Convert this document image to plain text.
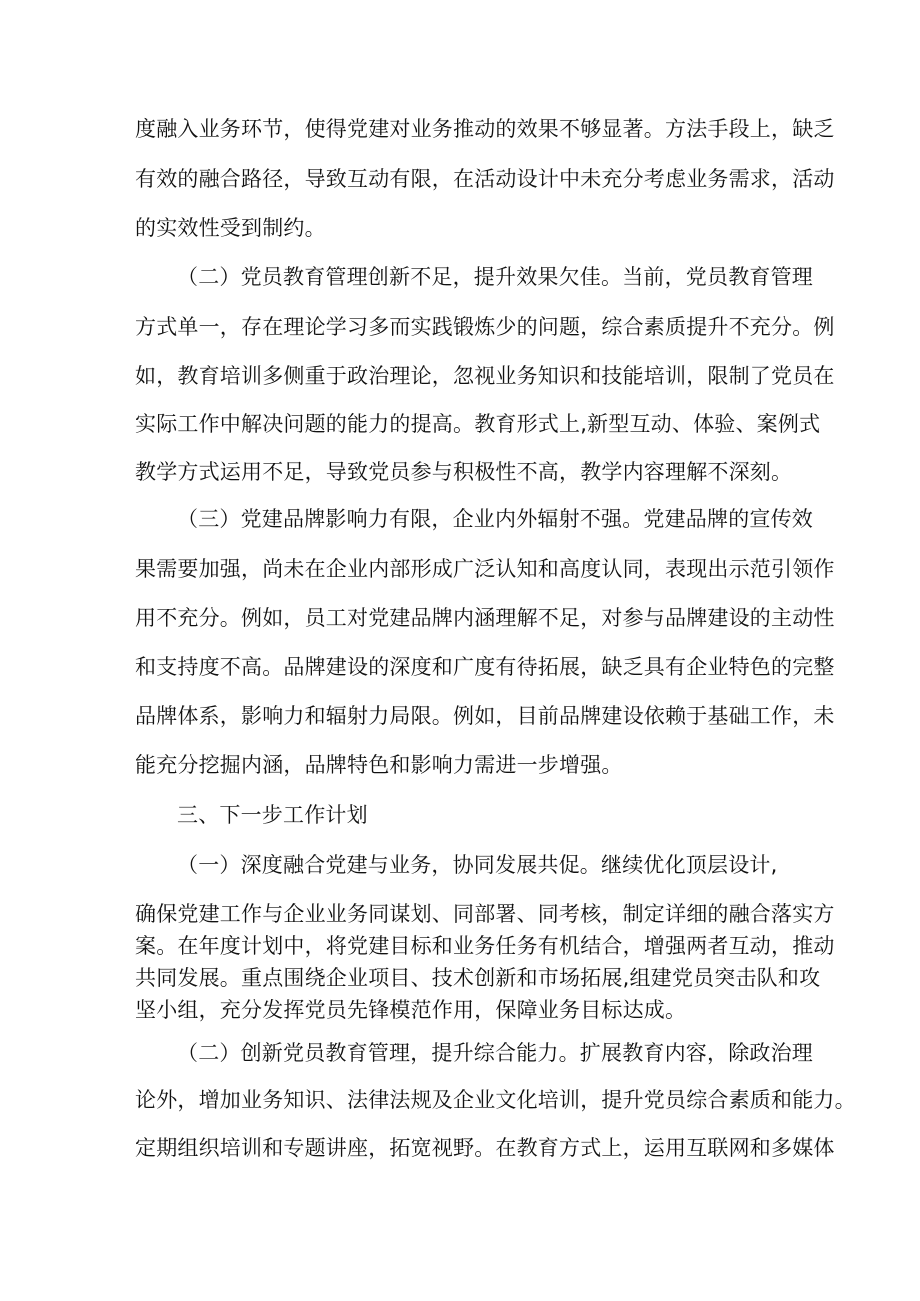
度融入业务环节，使得党建对业务推动的效果不够显著。方法手段上，缺乏
有效的融合路径，导致互动有限，在活动设计中未充分考虑业务需求，活动
的实效性受到制约。
（二）党员教育管理创新不足，提升效果欠佳。当前，党员教育管理
方式单一，存在理论学习多而实践锻炼少的问题，综合素质提升不充分。例
如，教育培训多侧重于政治理论，忽视业务知识和技能培训，限制了党员在
实际工作中解决问题的能力的提高。教育形式上,新型互动、体验、案例式
教学方式运用不足，导致党员参与积极性不高，教学内容理解不深刻。
（三）党建品牌影响力有限，企业内外辐射不强。党建品牌的宣传效
果需要加强，尚未在企业内部形成广泛认知和高度认同，表现出示范引领作
用不充分。例如，员工对党建品牌内涵理解不足，对参与品牌建设的主动性
和支持度不高。品牌建设的深度和广度有待拓展，缺乏具有企业特色的完整
品牌体系，影响力和辐射力局限。例如，目前品牌建设依赖于基础工作，未
能充分挖掘内涵，品牌特色和影响力需进一步增强。
三、下一步工作计划
（一）深度融合党建与业务，协同发展共促。继续优化顶层设计,
确保党建工作与企业业务同谋划、同部署、同考核，制定详细的融合落实方
案。在年度计划中，将党建目标和业务任务有机结合，增强两者互动，推动
共同发展。重点围绕企业项目、技术创新和市场拓展,组建党员突击队和攻
坚小组，充分发挥党员先锋模范作用，保障业务目标达成。
（二）创新党员教育管理，提升综合能力。扩展教育内容，除政治理
论外，增加业务知识、法律法规及企业文化培训，提升党员综合素质和能力。
定期组织培训和专题讲座，拓宽视野。在教育方式上，运用互联网和多媒体
